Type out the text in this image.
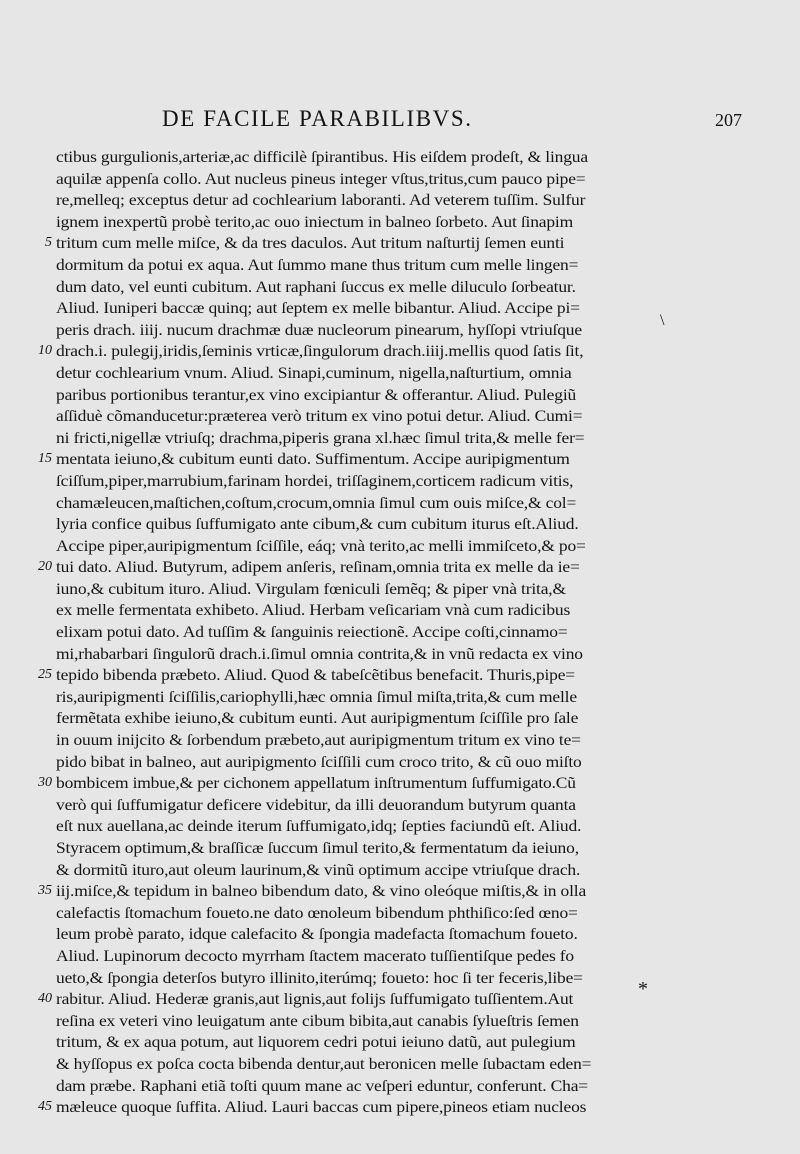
DE FACILE PARABILIBVS.	207
ctibus gurgulionis,arteriæ,ac difficilè ſpirantibus. His eiſdem prodeſt, & lingua
aquilæ appenſa collo. Aut nucleus pineus integer vſtus,tritus,cum pauco pipe=
re,melleq; exceptus detur ad cochlearium laboranti. Ad veterem tuſſim. Sulfur
ignem inexpertũ probè terito,ac ouo iniectum in balneo ſorbeto. Aut ſinapim
5 tritum cum melle miſce, & da tres daculos. Aut tritum naſturtij ſemen eunti
dormitum da potui ex aqua. Aut ſummo mane thus tritum cum melle lingen=
dum dato, vel eunti cubitum. Aut raphani ſuccus ex melle diluculo ſorbeatur.
Aliud. Iuniperi baccæ quinq; aut ſeptem ex melle bibantur. Aliud. Accipe pi=
peris drach. iiij. nucum drachmæ duæ nucleorum pinearum, hyſſopi vtriuſque
10 drach.i. pulegij,iridis,ſeminis vrticæ,ſingulorum drach.iiij.mellis quod ſatis ſit,
detur cochlearium vnum. Aliud. Sinapi,cuminum, nigella,naſturtium, omnia
paribus portionibus terantur,ex vino excipiantur & offerantur. Aliud. Pulegiũ
aſſiduè cõmanducetur:præterea verò tritum ex vino potui detur. Aliud. Cumi=
ni fricti,nigellæ vtriuſq; drachma,piperis grana xl.hæc ſimul trita,& melle fer=
15 mentata ieiuno,& cubitum eunti dato. Suffimentum. Accipe auripigmentum
ſciſſum,piper,marrubium,farinam hordei, triſſaginem,corticem radicum vitis,
chamæleucen,maſtichen,coſtum,crocum,omnia ſimul cum ouis miſce,& col=
lyria confice quibus ſuffumigato ante cibum,& cum cubitum iturus eſt.Aliud.
Accipe piper,auripigmentum ſciſſile, eáq; vnà terito,ac melli immiſceto,& po=
20 tui dato. Aliud. Butyrum, adipem anſeris, reſinam,omnia trita ex melle da ie=
iuno,& cubitum ituro. Aliud. Virgulam fœniculi ſemẽq; & piper vnà trita,&
ex melle fermentata exhibeto. Aliud. Herbam veſicariam vnà cum radicibus
elixam potui dato. Ad tuſſim & ſanguinis reiectionẽ. Accipe coſti,cinnamo=
mi,rhabarbari ſingulorũ drach.i.ſimul omnia contrita,& in vnũ redacta ex vino
25 tepido bibenda præbeto. Aliud. Quod & tabeſcẽtibus benefacit. Thuris,pipe=
ris,auripigmenti ſciſſilis,cariophylli,hæc omnia ſimul miſta,trita,& cum melle
fermẽtata exhibe ieiuno,& cubitum eunti. Aut auripigmentum ſciſſile pro ſale
in ouum inijcito & ſorbendum præbeto,aut auripigmentum tritum ex vino te=
pido bibat in balneo, aut auripigmento ſciſſili cum croco trito, & cũ ouo miſto
30 bombicem imbue,& per cichonem appellatum inſtrumentum ſuffumigato.Cũ
verò qui ſuffumigatur deficere videbitur, da illi deuorandum butyrum quanta
eſt nux auellana,ac deinde iterum ſuffumigato,idq; ſepties faciundũ eſt. Aliud.
Styracem optimum,& braſſicæ ſuccum ſimul terito,& fermentatum da ieiuno,
& dormitũ ituro,aut oleum laurinum,& vinũ optimum accipe vtriuſque drach.
35 iij.miſce,& tepidum in balneo bibendum dato, & vino oleóque miſtis,& in olla
calefactis ſtomachum foueto.ne dato œnoleum bibendum phthiſico:ſed œno=
leum probè parato, idque calefacito & ſpongia madefacta ſtomachum foueto.
Aliud. Lupinorum decocto myrrham ſtactem macerato tuſſientiſque pedes fo
ueto,& ſpongia deterſos butyro illinito,iterúmq; foueto: hoc ſi ter feceris,libe=
40 rabitur. Aliud. Hederæ granis,aut lignis,aut folijs ſuffumigato tuſſientem.Aut
reſina ex veteri vino leuigatum ante cibum bibita,aut canabis ſylueſtris ſemen
tritum, & ex aqua potum, aut liquorem cedri potui ieiuno datũ, aut pulegium
& hyſſopus ex poſca cocta bibenda dentur,aut beronicen melle ſubactam eden=
dam præbe. Raphani etiã toſti quum mane ac veſperi eduntur, conferunt. Cha=
45 mæleuce quoque ſuffita. Aliud. Lauri baccas cum pipere,pineos etiam nucleos
\
*
